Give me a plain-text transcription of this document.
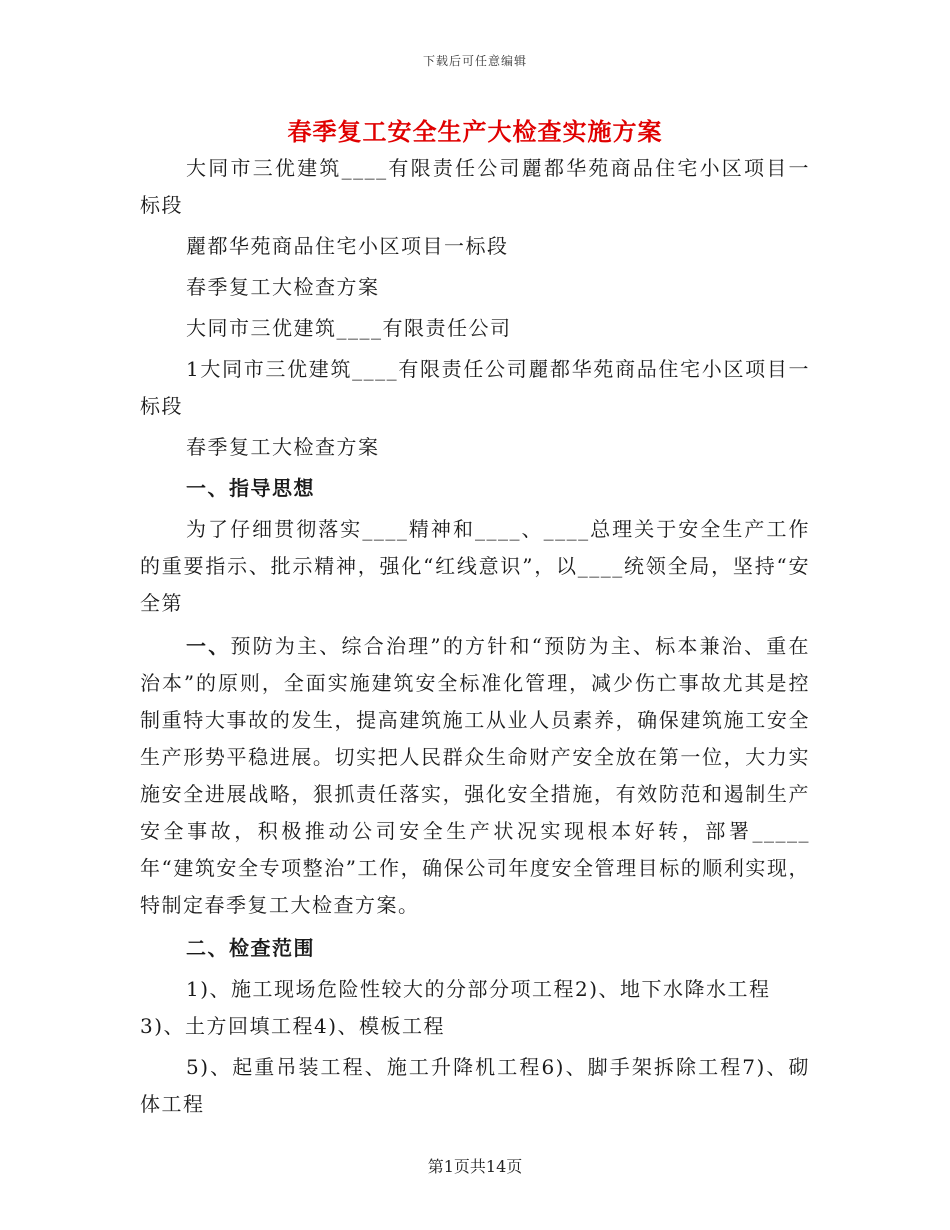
下载后可任意编辑
春季复工安全生产大检查实施方案

大同市三优建筑____有限责任公司麗都华苑商品住宅小区项目一标段

麗都华苑商品住宅小区项目一标段

春季复工大检查方案

大同市三优建筑____有限责任公司

1大同市三优建筑____有限责任公司麗都华苑商品住宅小区项目一标段

春季复工大检查方案

一、指导思想

为了仔细贯彻落实____精神和____、____总理关于安全生产工作的重要指示、批示精神，强化“红线意识”，以____统领全局，坚持“安全第

一、预防为主、综合治理”的方针和“预防为主、标本兼治、重在治本”的原则，全面实施建筑安全标准化管理，减少伤亡事故尤其是控制重特大事故的发生，提高建筑施工从业人员素养，确保建筑施工安全生产形势平稳进展。切实把人民群众生命财产安全放在第一位，大力实施安全进展战略，狠抓责任落实，强化安全措施，有效防范和遏制生产安全事故，积极推动公司安全生产状况实现根本好转，部署_____年“建筑安全专项整治”工作，确保公司年度安全管理目标的顺利实现，特制定春季复工大检查方案。

二、检查范围

1)、施工现场危险性较大的分部分项工程2)、地下水降水工程

3)、土方回填工程4)、模板工程

5)、起重吊装工程、施工升降机工程6)、脚手架拆除工程7)、砌体工程

第1页共14页
